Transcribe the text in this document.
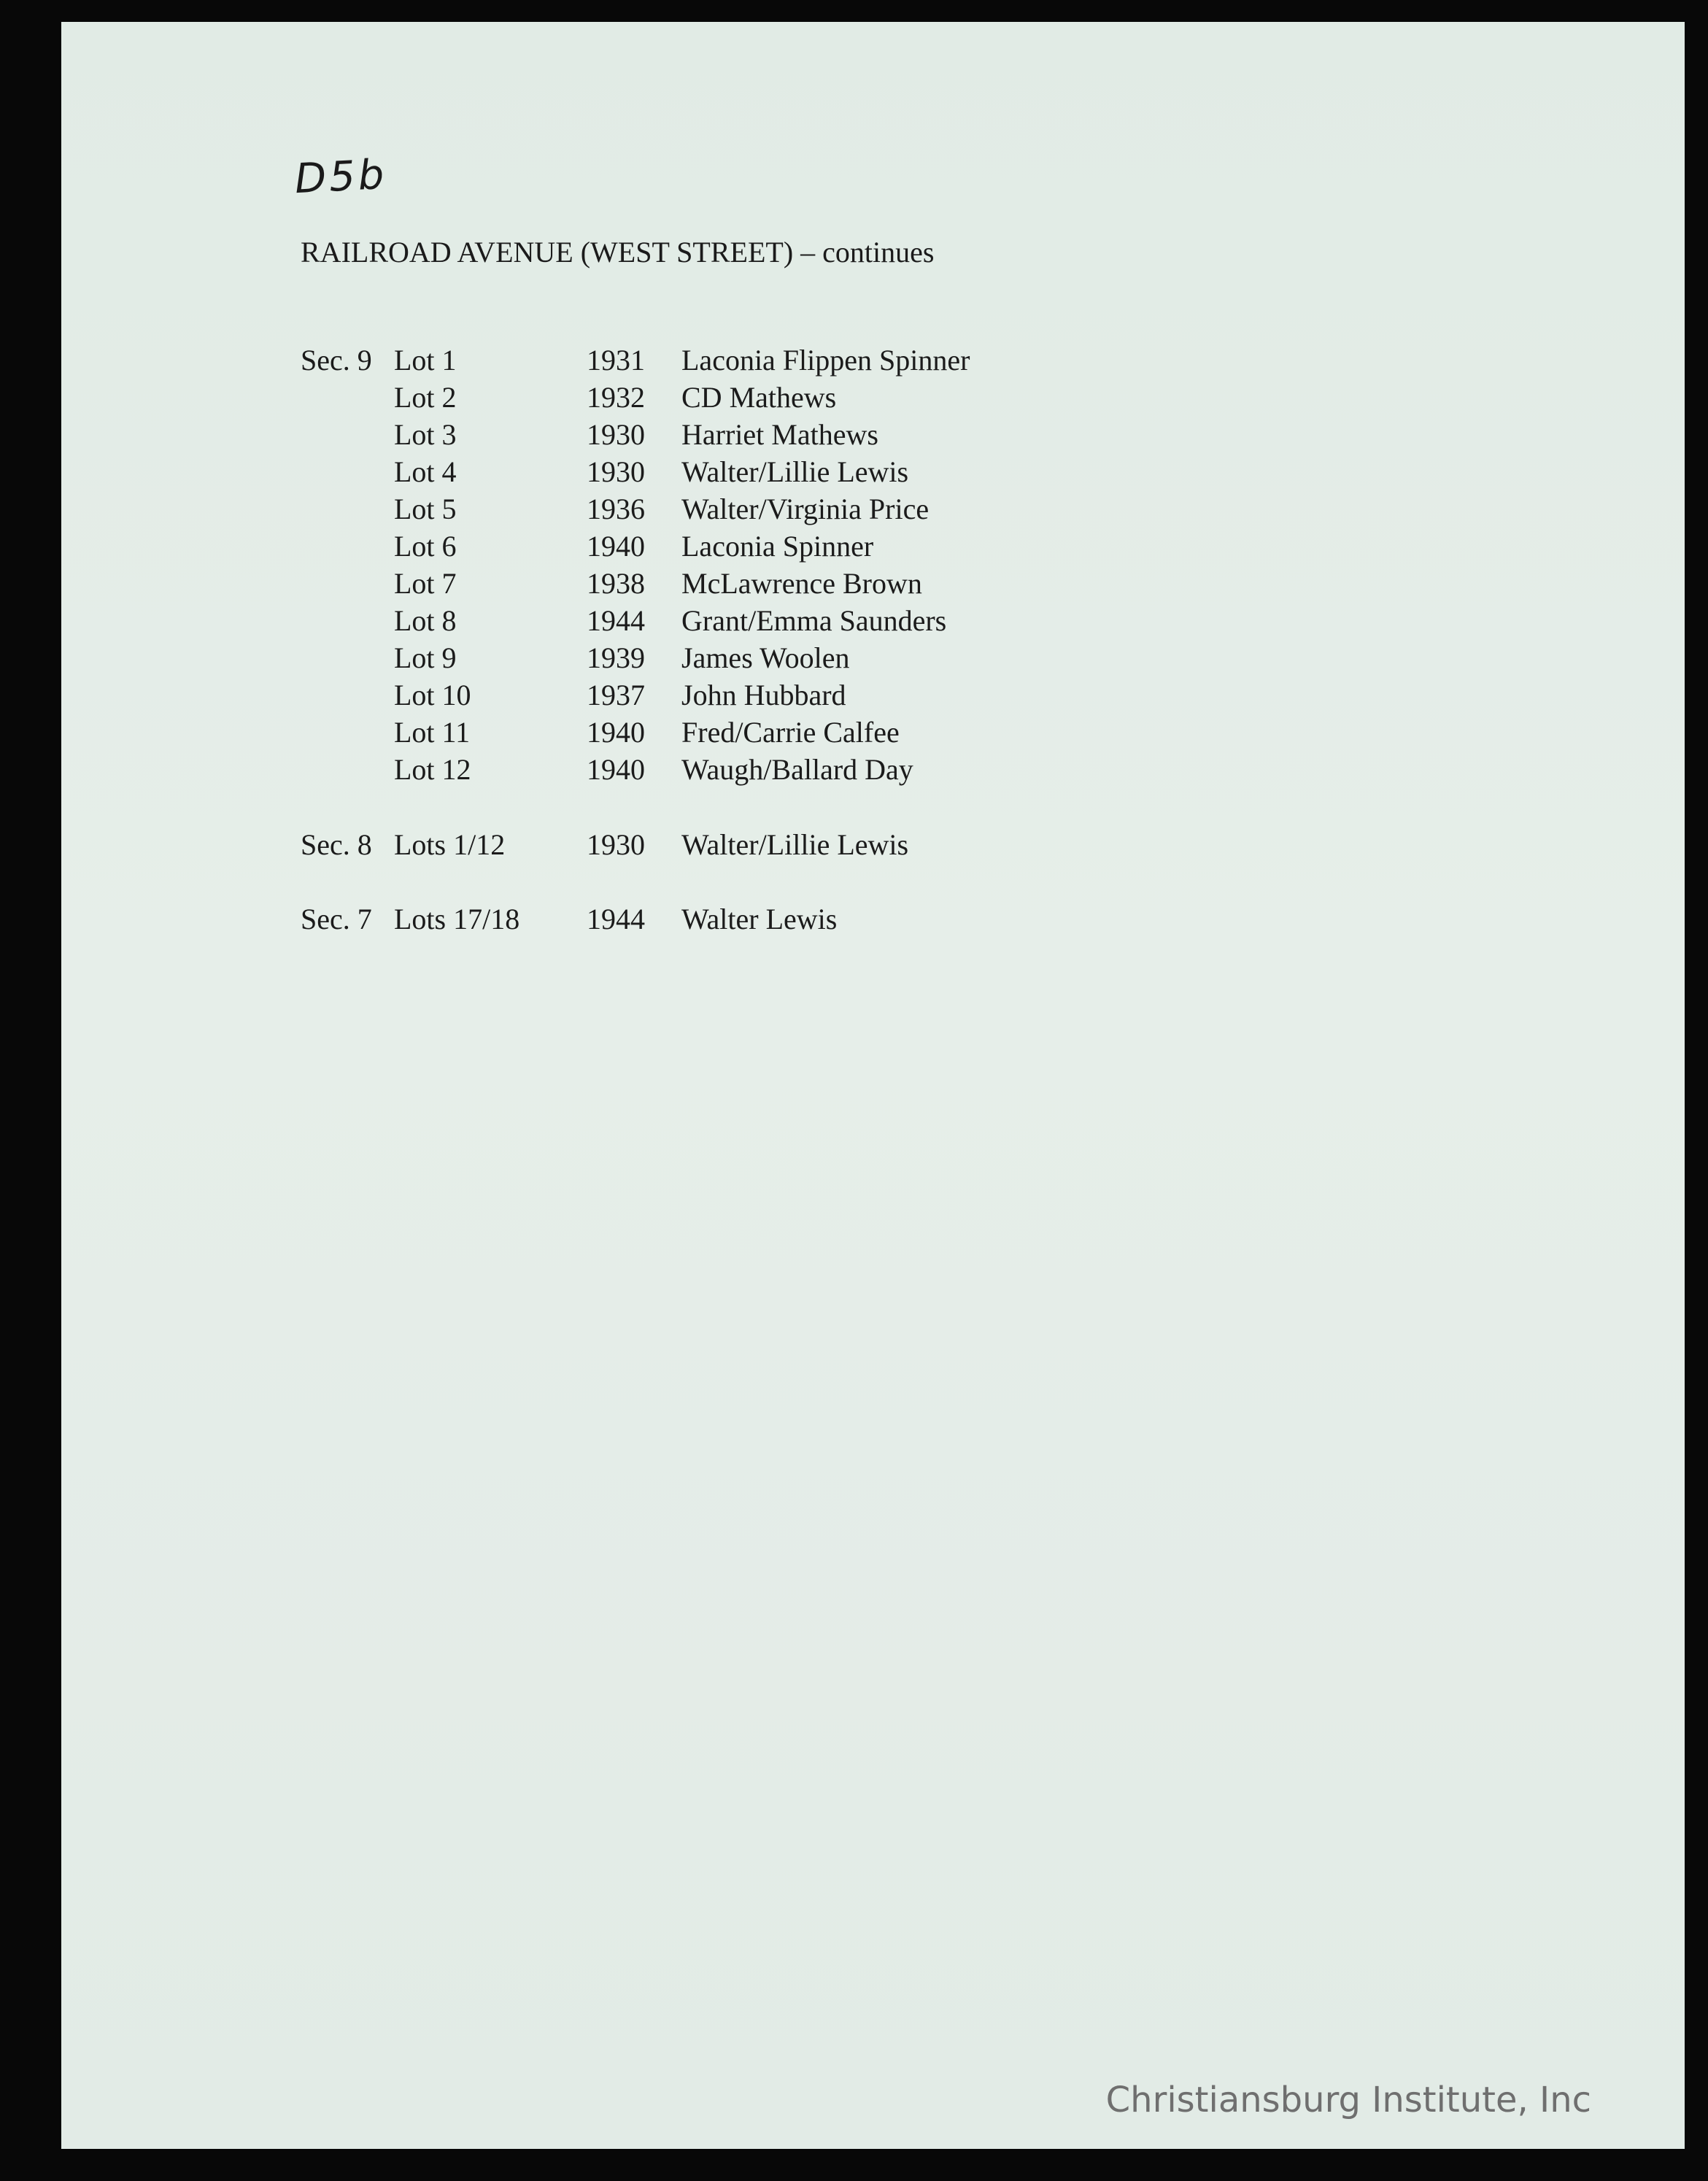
D5b
RAILROAD AVENUE (WEST STREET) – continues
Sec. 9 Lot 1	1931 Laconia Flippen Spinner
Lot 2	1932 CD Mathews
Lot 3	1930 Harriet Mathews
Lot 4	1930 Walter/Lillie Lewis
Lot 5	1936 Walter/Virginia Price
Lot 6	1940 Laconia Spinner
Lot 7	1938 McLawrence Brown
Lot 8	1944 Grant/Emma Saunders
Lot 9	1939 James Woolen
Lot 10	1937 John Hubbard
Lot 11	1940 Fred/Carrie Calfee
Lot 12	1940 Waugh/Ballard Day
Sec. 8 Lots 1/12	1930 Walter/Lillie Lewis
Sec. 7 Lots 17/18 1944 Walter Lewis
Christiansburg Institute, Inc
